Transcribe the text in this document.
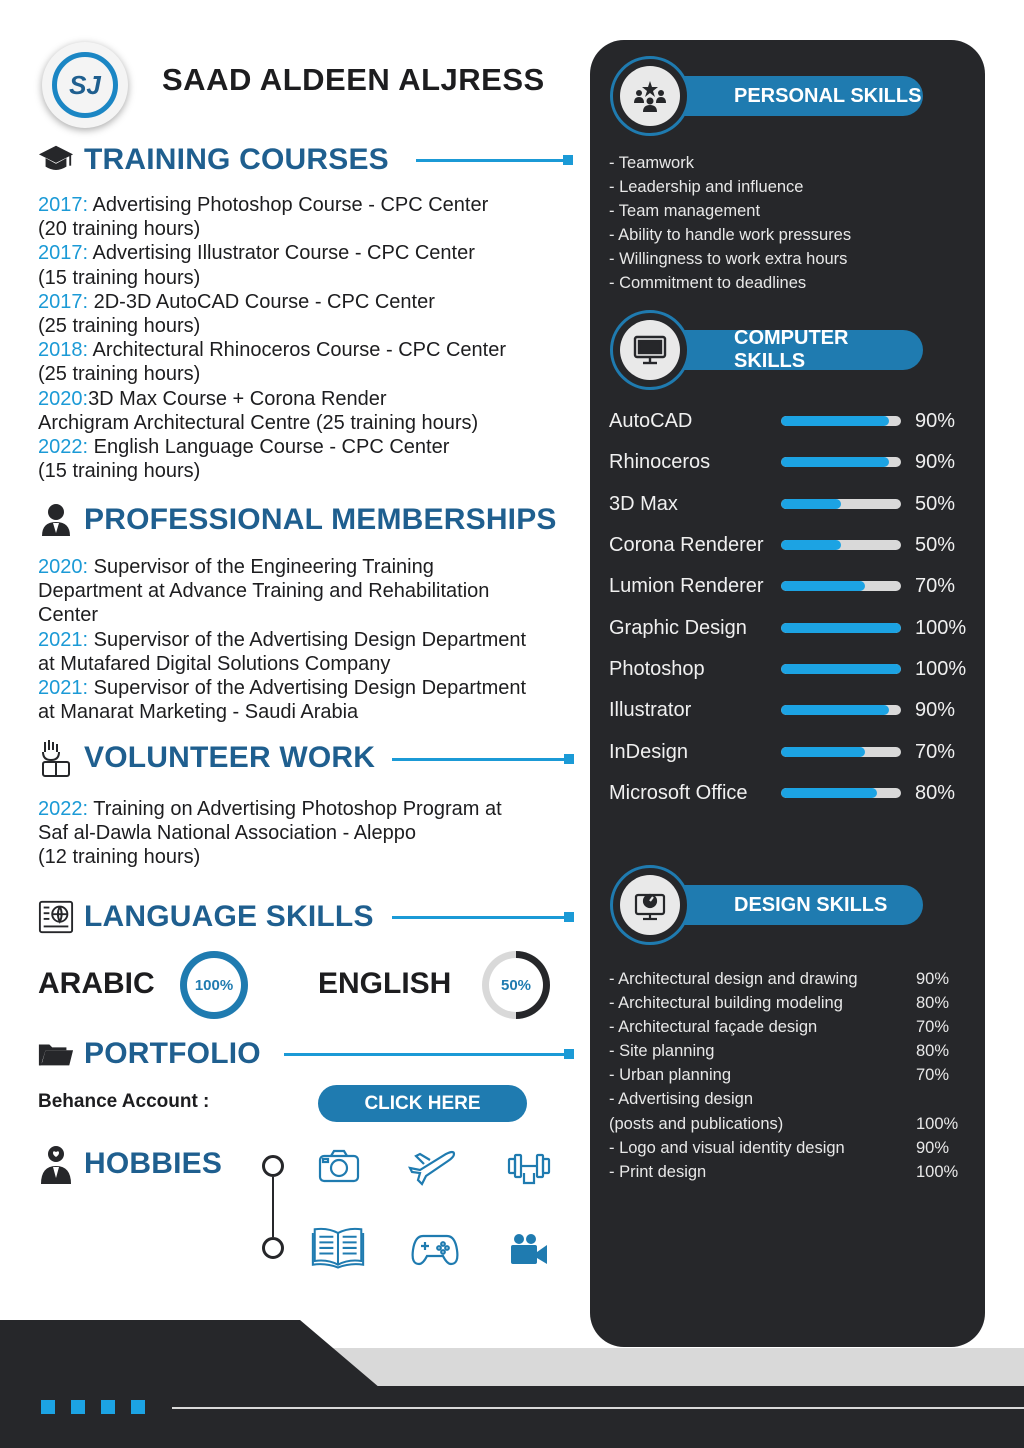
SJ	SAAD ALDEEN ALJRESS
TRAINING COURSES

2017: Advertising Photoshop Course - CPC Center

(20 training hours)

2017: Advertising Illustrator Course - CPC Center

(15 training hours)

2017: 2D-3D AutoCAD Course - CPC Center

(25 training hours)

2018: Architectural Rhinoceros Course - CPC Center

(25 training hours)

2020:3D Max Course + Corona Render

Archigram Architectural Centre (25 training hours)

2022: English Language Course - CPC Center

(15 training hours)

PROFESSIONAL MEMBERSHIPS

2020: Supervisor of the Engineering Training

Department at Advance Training and Rehabilitation

Center

2021: Supervisor of the Advertising Design Department

at Mutafared Digital Solutions Company

2021: Supervisor of the Advertising Design Department

at Manarat Marketing - Saudi Arabia

VOLUNTEER WORK

2022: Training on Advertising Photoshop Program at

Saf al-Dawla National Association - Aleppo

(12 training hours)

LANGUAGE SKILLS
ARABIC	100%	ENGLISH	50%
PORTFOLIO
Behance Account :	CLICK HERE
HOBBIES
PERSONAL SKILLS
- Teamwork
- Leadership and influence
- Team management
- Ability to handle work pressures
- Willingness to work extra hours
- Commitment to deadlines
COMPUTER SKILLS
AutoCAD	90%
Rhinoceros	90%
3D Max	50%
Corona Renderer	50%
Lumion Renderer	70%
Graphic Design	100%
Photoshop	100%
Illustrator	90%
InDesign	70%
Microsoft Office	80%
DESIGN SKILLS
- Architectural design and drawing	90%
- Architectural building modeling	80%
- Architectural façade design	70%
- Site planning	80%
- Urban planning	70%
- Advertising design
(posts and publications)	100%
- Logo and visual identity design	90%
- Print design	100%
